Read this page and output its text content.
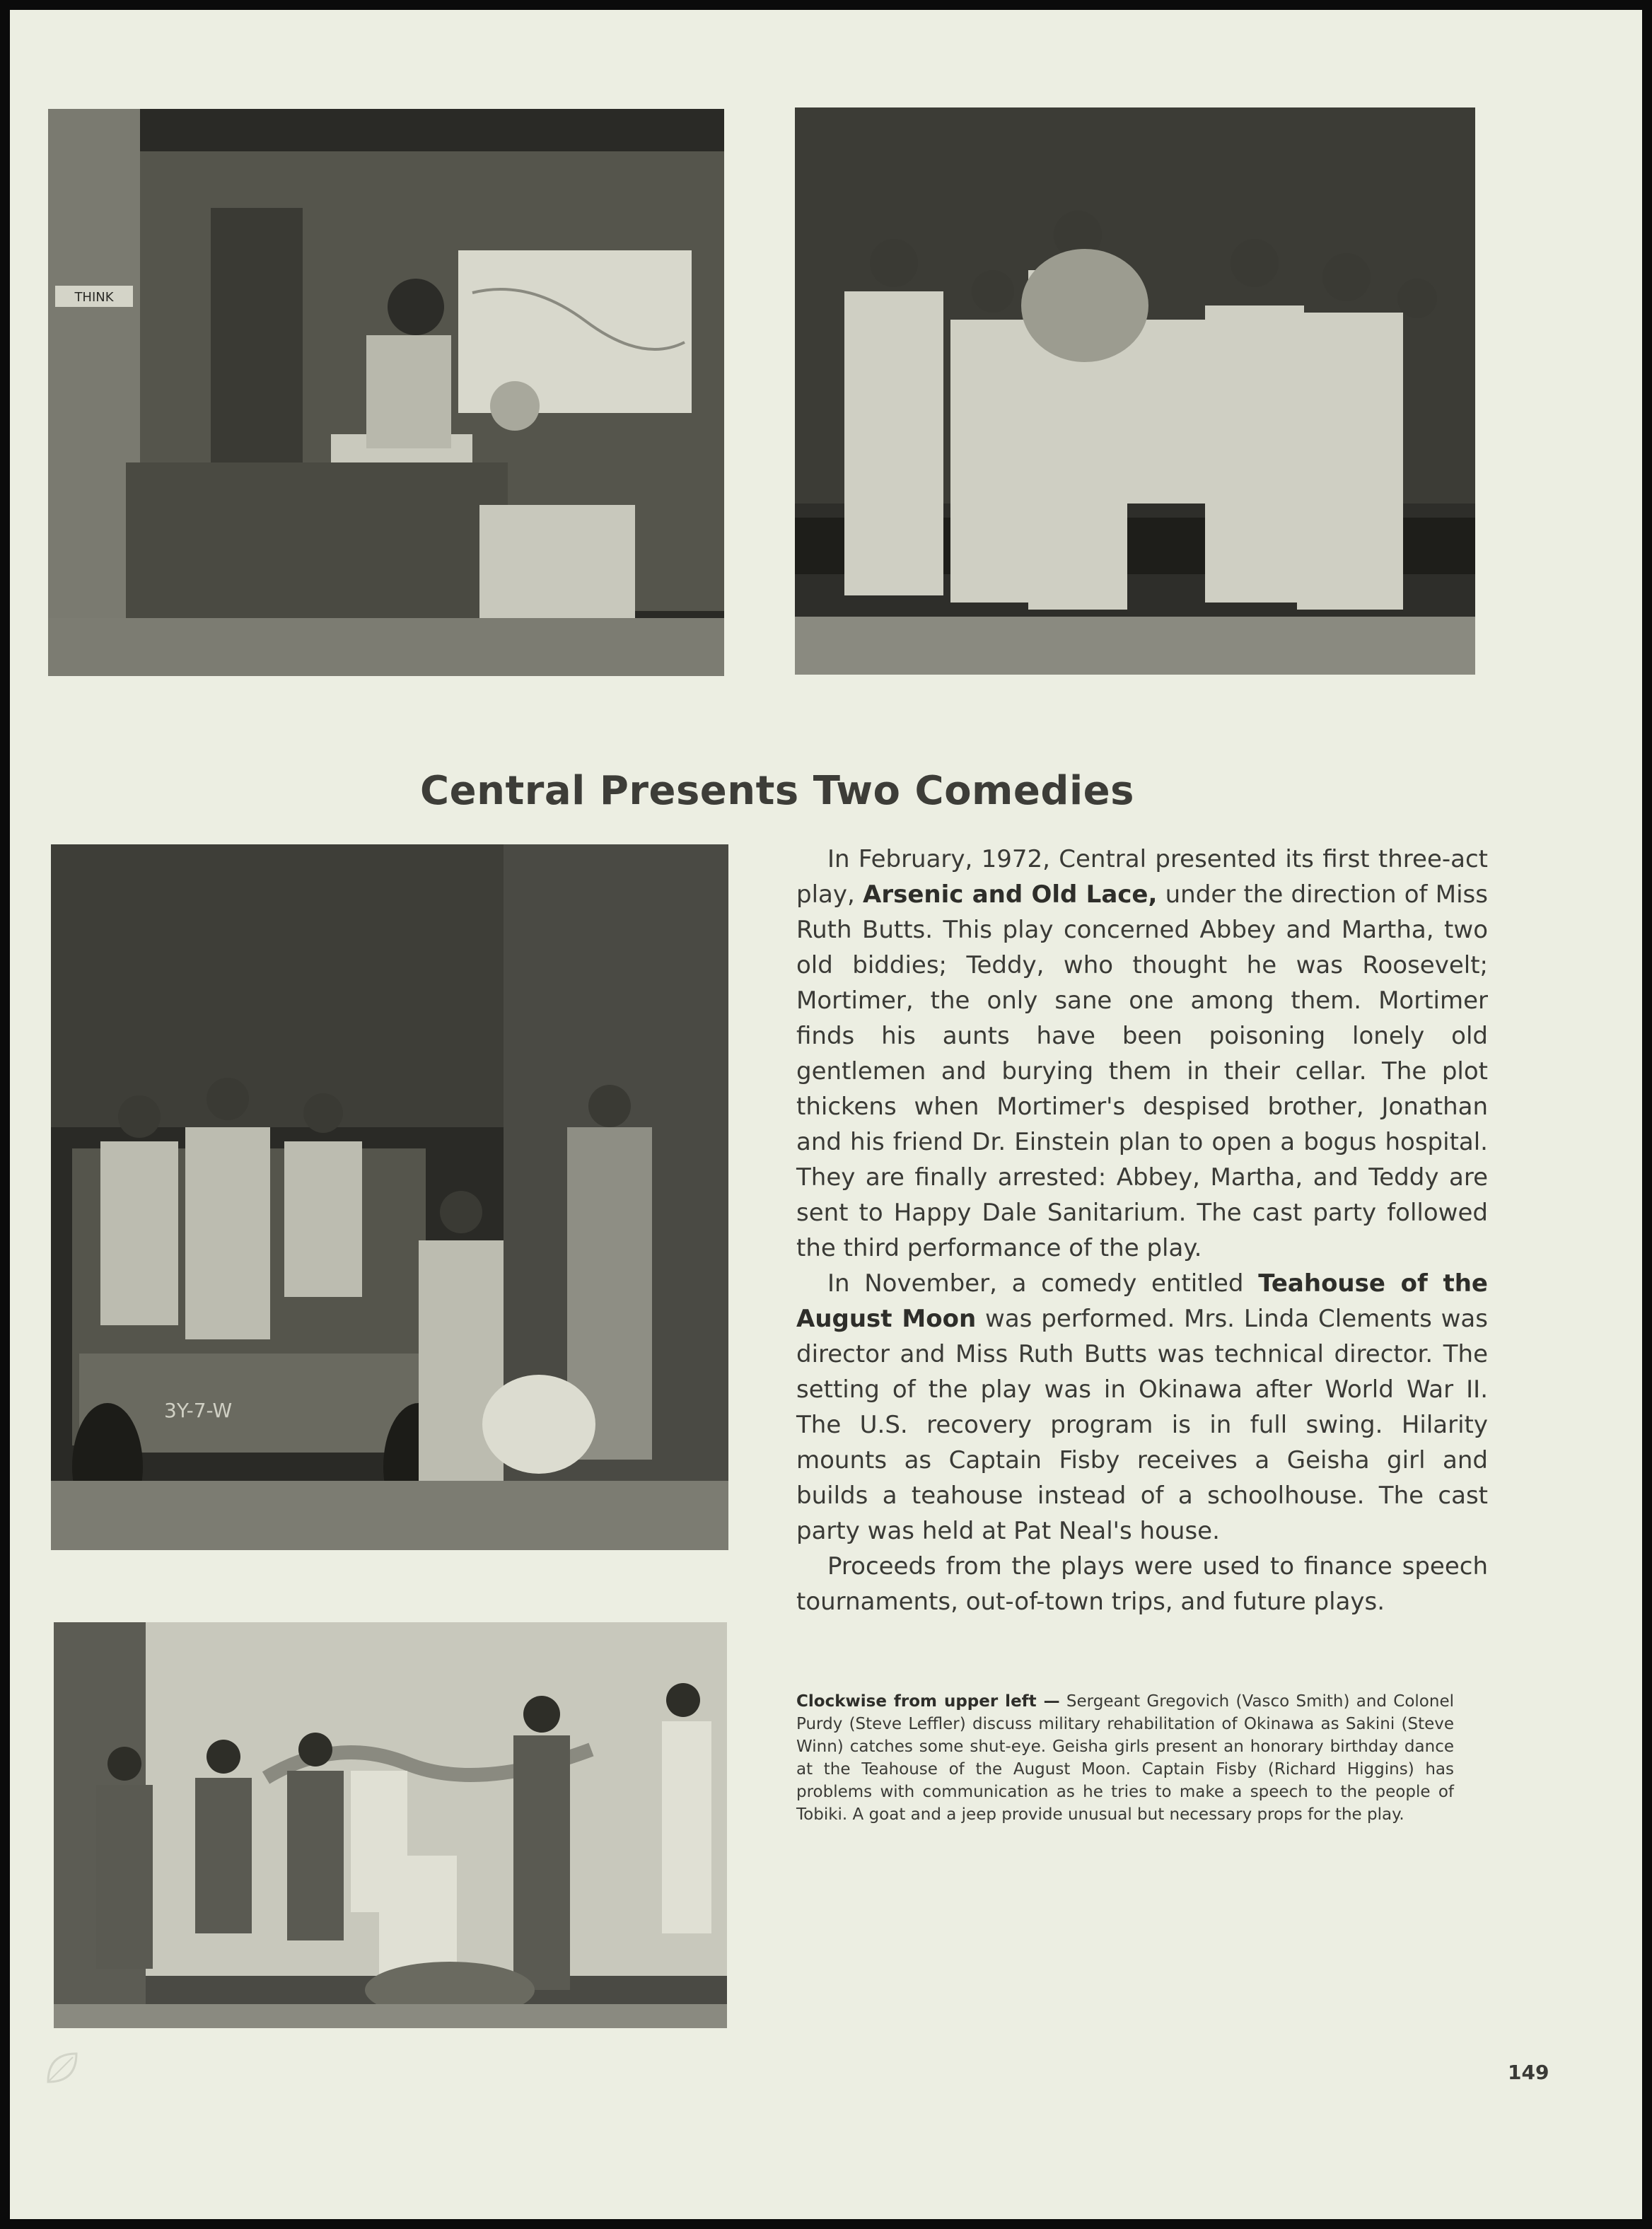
THINK
Central Presents Two Comedies
3Y-7-W

In February, 1972, Central presented its first three-act play, Arsenic and Old Lace, under the direction of Miss Ruth Butts. This play concerned Abbey and Martha, two old biddies; Teddy, who thought he was Roosevelt; Mortimer, the only sane one among them. Mortimer finds his aunts have been poisoning lonely old gentlemen and burying them in their cellar. The plot thickens when Mortimer's despised brother, Jonathan and his friend Dr. Einstein plan to open a bogus hospital. They are finally arrested: Abbey, Martha, and Teddy are sent to Happy Dale Sanitarium. The cast party followed the third performance of the play.

In November, a comedy entitled Teahouse of the August Moon was performed. Mrs. Linda Clements was director and Miss Ruth Butts was technical director. The setting of the play was in Okinawa after World War II. The U.S. recovery program is in full swing. Hilarity mounts as Captain Fisby receives a Geisha girl and builds a teahouse instead of a schoolhouse. The cast party was held at Pat Neal's house.

Proceeds from the plays were used to finance speech tournaments, out-of-town trips, and future plays.

Clockwise from upper left — Sergeant Gregovich (Vasco Smith) and Colonel Purdy (Steve Leffler) discuss military rehabilitation of Okinawa as Sakini (Steve Winn) catches some shut-eye. Geisha girls present an honorary birthday dance at the Teahouse of the August Moon. Captain Fisby (Richard Higgins) has problems with communication as he tries to make a speech to the people of Tobiki. A goat and a jeep provide unusual but necessary props for the play.
149
